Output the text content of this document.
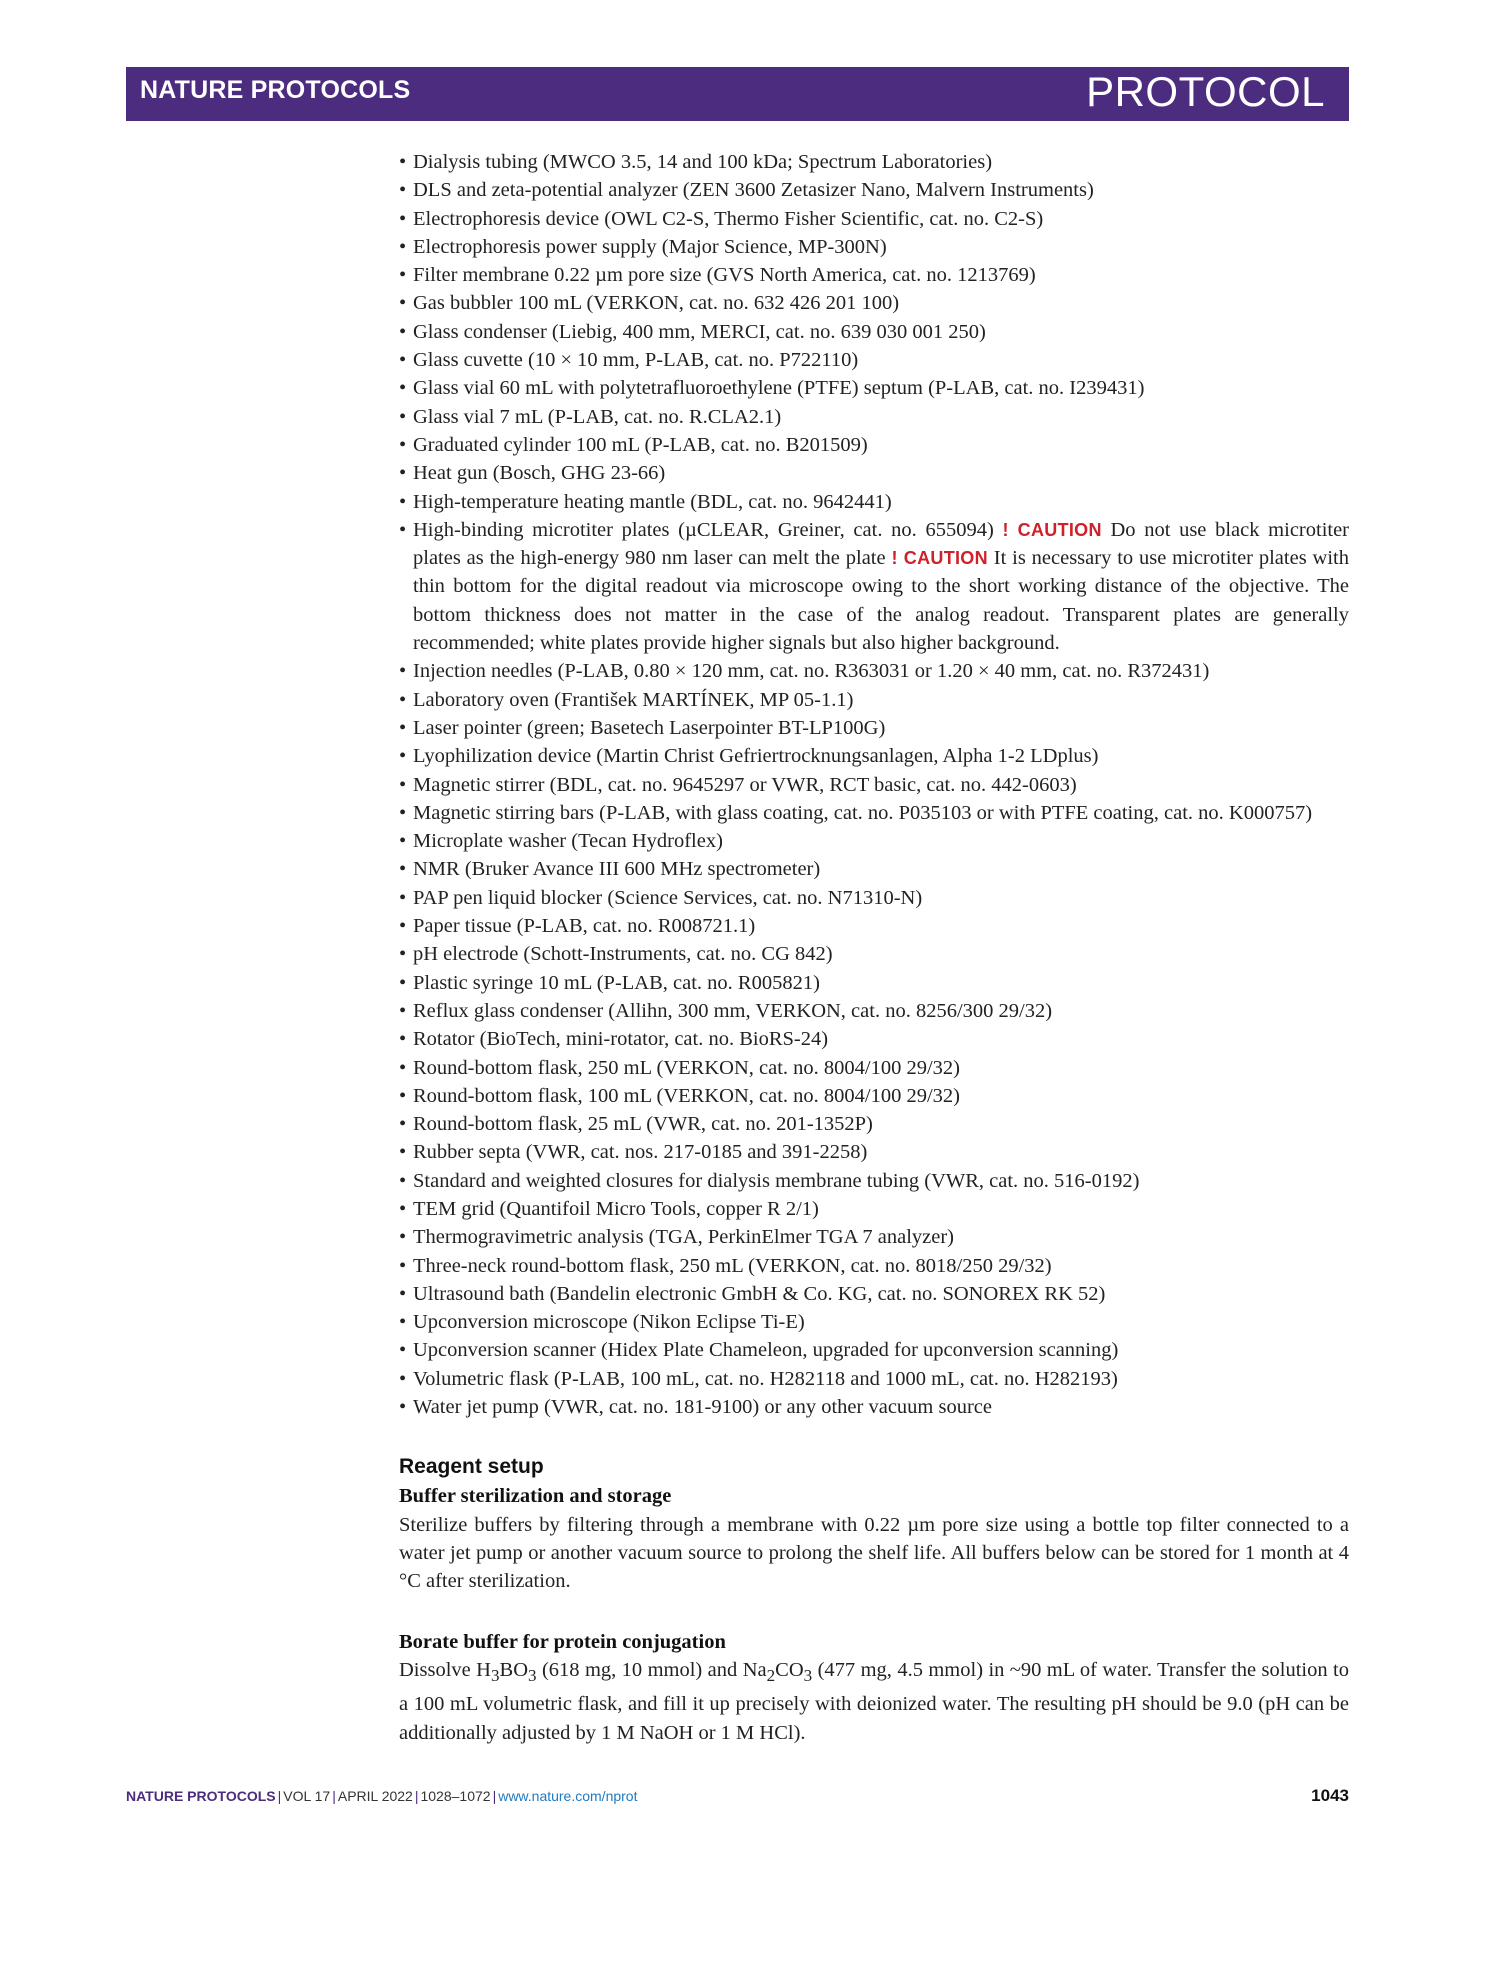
NATURE PROTOCOLS	PROTOCOL
• Dialysis tubing (MWCO 3.5, 14 and 100 kDa; Spectrum Laboratories)
• DLS and zeta-potential analyzer (ZEN 3600 Zetasizer Nano, Malvern Instruments)
• Electrophoresis device (OWL C2-S, Thermo Fisher Scientific, cat. no. C2-S)
• Electrophoresis power supply (Major Science, MP-300N)
• Filter membrane 0.22 µm pore size (GVS North America, cat. no. 1213769)
• Gas bubbler 100 mL (VERKON, cat. no. 632 426 201 100)
• Glass condenser (Liebig, 400 mm, MERCI, cat. no. 639 030 001 250)
• Glass cuvette (10 × 10 mm, P-LAB, cat. no. P722110)
• Glass vial 60 mL with polytetrafluoroethylene (PTFE) septum (P-LAB, cat. no. I239431)
• Glass vial 7 mL (P-LAB, cat. no. R.CLA2.1)
• Graduated cylinder 100 mL (P-LAB, cat. no. B201509)
• Heat gun (Bosch, GHG 23-66)
• High-temperature heating mantle (BDL, cat. no. 9642441)
• High-binding microtiter plates (µCLEAR, Greiner, cat. no. 655094) ! CAUTION Do not use black microtiter plates as the high-energy 980 nm laser can melt the plate ! CAUTION It is necessary to use microtiter plates with thin bottom for the digital readout via microscope owing to the short working distance of the objective. The bottom thickness does not matter in the case of the analog readout. Transparent plates are generally recommended; white plates provide higher signals but also higher background.
• Injection needles (P-LAB, 0.80 × 120 mm, cat. no. R363031 or 1.20 × 40 mm, cat. no. R372431)
• Laboratory oven (František MARTÍNEK, MP 05-1.1)
• Laser pointer (green; Basetech Laserpointer BT-LP100G)
• Lyophilization device (Martin Christ Gefriertrocknungsanlagen, Alpha 1-2 LDplus)
• Magnetic stirrer (BDL, cat. no. 9645297 or VWR, RCT basic, cat. no. 442-0603)
• Magnetic stirring bars (P-LAB, with glass coating, cat. no. P035103 or with PTFE coating, cat. no. K000757)
• Microplate washer (Tecan Hydroflex)
• NMR (Bruker Avance III 600 MHz spectrometer)
• PAP pen liquid blocker (Science Services, cat. no. N71310-N)
• Paper tissue (P-LAB, cat. no. R008721.1)
• pH electrode (Schott-Instruments, cat. no. CG 842)
• Plastic syringe 10 mL (P-LAB, cat. no. R005821)
• Reflux glass condenser (Allihn, 300 mm, VERKON, cat. no. 8256/300 29/32)
• Rotator (BioTech, mini-rotator, cat. no. BioRS-24)
• Round-bottom flask, 250 mL (VERKON, cat. no. 8004/100 29/32)
• Round-bottom flask, 100 mL (VERKON, cat. no. 8004/100 29/32)
• Round-bottom flask, 25 mL (VWR, cat. no. 201-1352P)
• Rubber septa (VWR, cat. nos. 217-0185 and 391-2258)
• Standard and weighted closures for dialysis membrane tubing (VWR, cat. no. 516-0192)
• TEM grid (Quantifoil Micro Tools, copper R 2/1)
• Thermogravimetric analysis (TGA, PerkinElmer TGA 7 analyzer)
• Three-neck round-bottom flask, 250 mL (VERKON, cat. no. 8018/250 29/32)
• Ultrasound bath (Bandelin electronic GmbH & Co. KG, cat. no. SONOREX RK 52)
• Upconversion microscope (Nikon Eclipse Ti-E)
• Upconversion scanner (Hidex Plate Chameleon, upgraded for upconversion scanning)
• Volumetric flask (P-LAB, 100 mL, cat. no. H282118 and 1000 mL, cat. no. H282193)
• Water jet pump (VWR, cat. no. 181-9100) or any other vacuum source
Reagent setup
Buffer sterilization and storage
Sterilize buffers by filtering through a membrane with 0.22 µm pore size using a bottle top filter connected to a water jet pump or another vacuum source to prolong the shelf life. All buffers below can be stored for 1 month at 4 °C after sterilization.
Borate buffer for protein conjugation
Dissolve $H_3BO_3$ (618 mg, 10 mmol) and $Na_2CO_3$ (477 mg, 4.5 mmol) in ~90 mL of water. Transfer the solution to a 100 mL volumetric flask, and fill it up precisely with deionized water. The resulting pH should be 9.0 (pH can be additionally adjusted by 1 M NaOH or 1 M HCl).
NATURE PROTOCOLS | VOL 17 | APRIL 2022 | 1028–1072 | www.nature.com/nprot	1043
